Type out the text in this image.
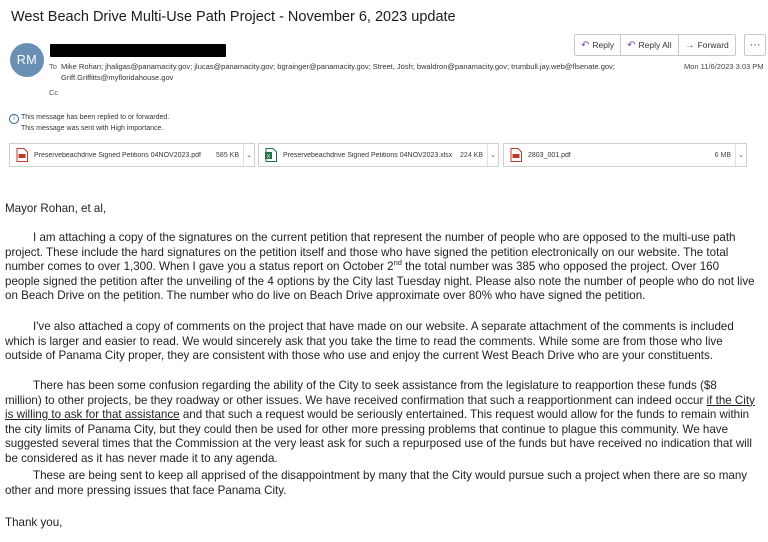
West Beach Drive Multi-Use Path Project - November 6, 2023 update
RM
↶ Reply ↶ Reply All → Forward	···
To Mike Rohan; jhaligas@panamacity.gov; jlucas@panamacity.gov; bgrainger@panamacity.gov; Street, Josh; bwaldron@panamacity.gov; trumbull.jay.web@flsenate.gov;
Griff.Griffitts@myfloridahouse.gov
Cc
Mon 11/6/2023 3:03 PM
i This message has been replied to or forwarded.
This message was sent with High importance.
Preservebeachdrive Signed Petitions 04NOV2023.pdf	585 KB	⌄	X Preservebeachdrive Signed Petitions 04NOV2023.xlsx	224 KB	⌄	2803_001.pdf	6 MB	⌄
Mayor Rohan, et al,
I am attaching a copy of the signatures on the current petition that represent the number of people who are opposed to the multi-use path project. These include the hard signatures on the petition itself and those who have signed the petition electronically on our website. The total number comes to over 1,300. When I gave you a status report on October 2nd the total number was 385 who opposed the project. Over 160 people signed the petition after the unveiling of the 4 options by the City last Tuesday night. Please also note the number of people who do not live on Beach Drive on the petition. The number who do live on Beach Drive approximate over 80% who have signed the petition.
I've also attached a copy of comments on the project that have made on our website. A separate attachment of the comments is included which is larger and easier to read. We would sincerely ask that you take the time to read the comments. While some are from those who live outside of Panama City proper, they are consistent with those who use and enjoy the current West Beach Drive who are your constituents.
There has been some confusion regarding the ability of the City to seek assistance from the legislature to reapportion these funds ($8 million) to other projects, be they roadway or other issues. We have received confirmation that such a reapportionment can indeed occur if the City is willing to ask for that assistance and that such a request would be seriously entertained. This request would allow for the funds to remain within the city limits of Panama City, but they could then be used for other more pressing problems that continue to plague this community. We have suggested several times that the Commission at the very least ask for such a repurposed use of the funds but have received no indication that will be considered as it has never made it to any agenda.
These are being sent to keep all apprised of the disappointment by many that the City would pursue such a project when there are so many other and more pressing issues that face Panama City.
Thank you,
